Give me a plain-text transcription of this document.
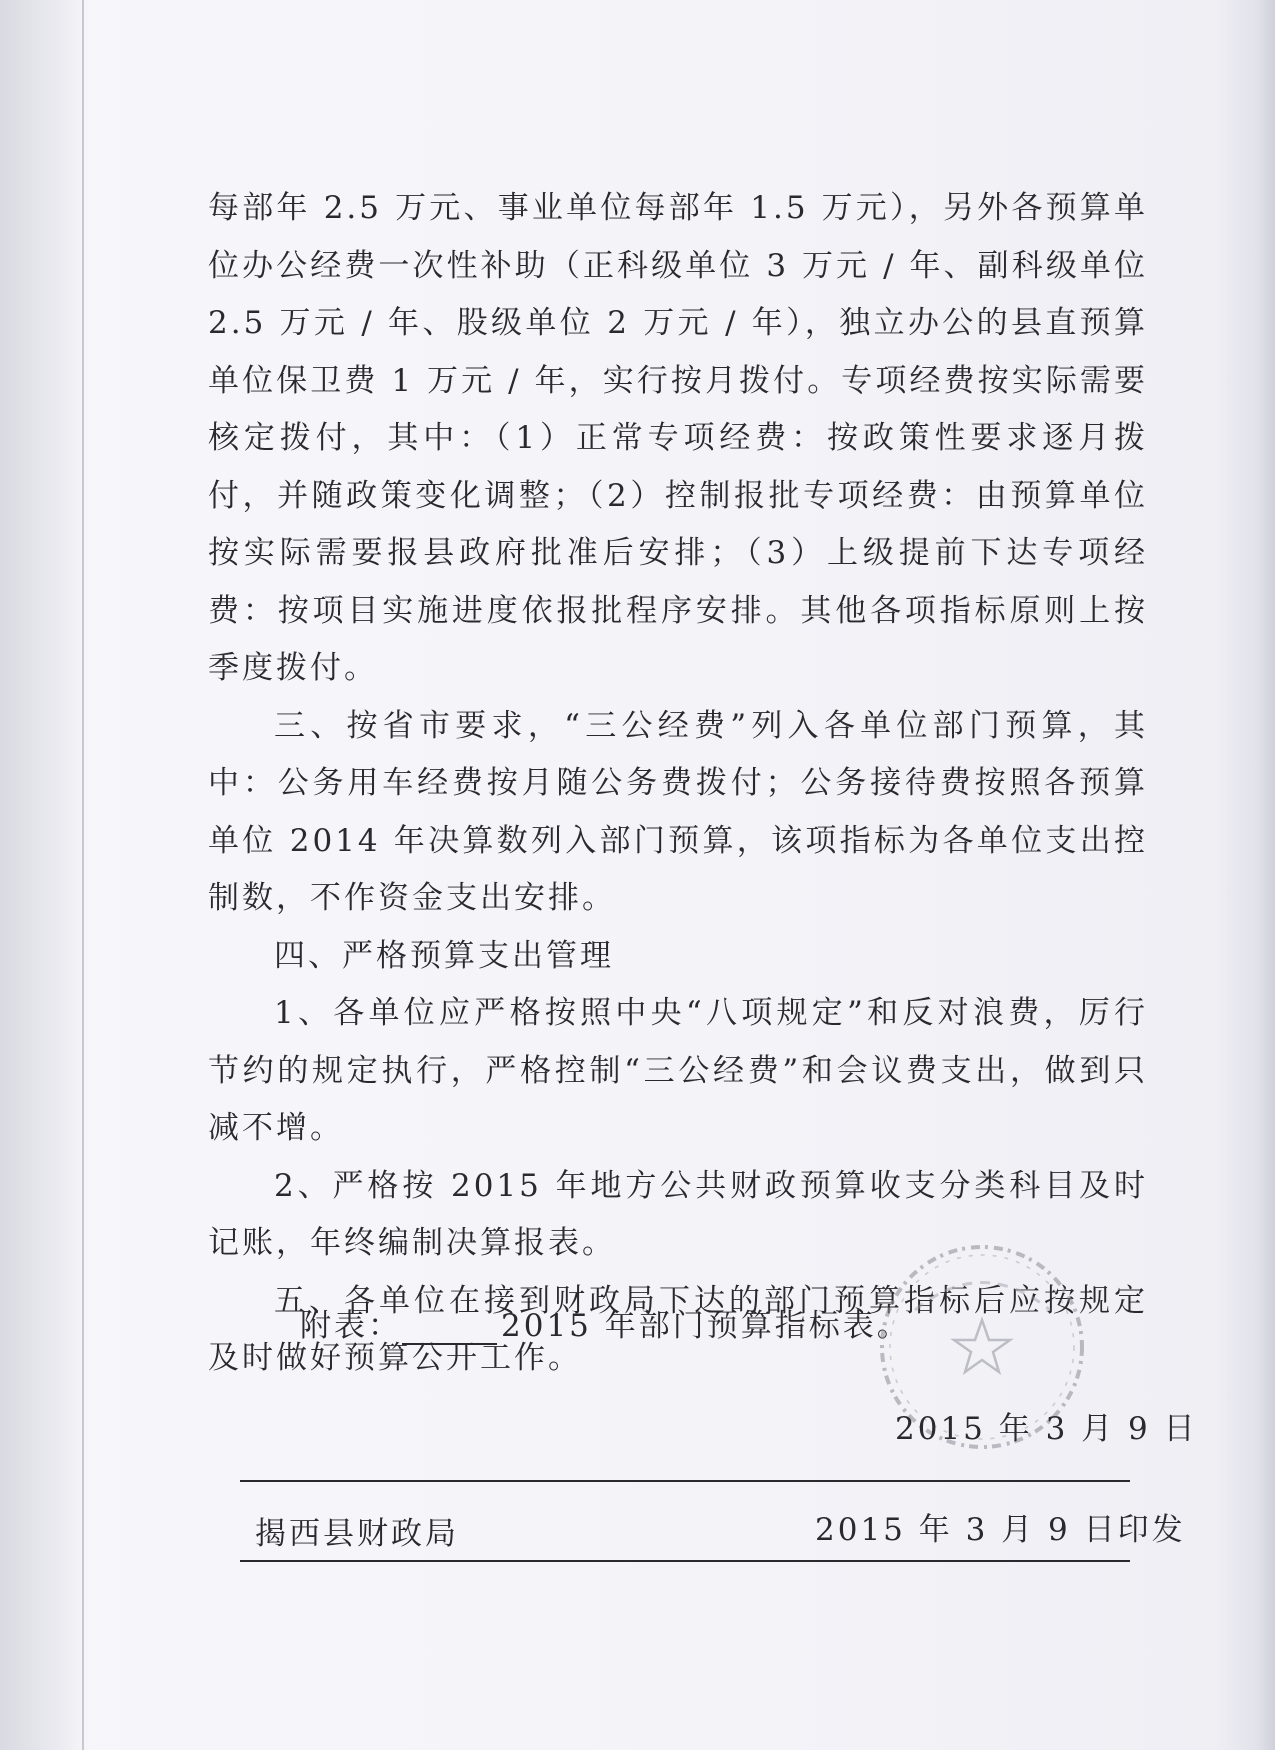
每部年 2.5 万元、事业单位每部年 1.5 万元），另外各预算单位办公经费一次性补助（正科级单位 3 万元 / 年、副科级单位 2.5 万元 / 年、股级单位 2 万元 / 年），独立办公的县直预算单位保卫费 1 万元 / 年，实行按月拨付。专项经费按实际需要核定拨付，其中：（1）正常专项经费：按政策性要求逐月拨付，并随政策变化调整；（2）控制报批专项经费：由预算单位按实际需要报县政府批准后安排；（3）上级提前下达专项经费：按项目实施进度依报批程序安排。其他各项指标原则上按季度拨付。

三、按省市要求，“三公经费”列入各单位部门预算，其中：公务用车经费按月随公务费拨付；公务接待费按照各预算单位 2014 年决算数列入部门预算，该项指标为各单位支出控制数，不作资金支出安排。

四、严格预算支出管理

1、各单位应严格按照中央“八项规定”和反对浪费，厉行节约的规定执行，严格控制“三公经费”和会议费支出，做到只减不增。

2、严格按 2015 年地方公共财政预算收支分类科目及时记账，年终编制决算报表。

五、各单位在接到财政局下达的部门预算指标后应按规定及时做好预算公开工作。

附表：	2015 年部门预算指标表。
2015 年 3 月 9 日
揭西县财政局	2015 年 3 月 9 日印发
